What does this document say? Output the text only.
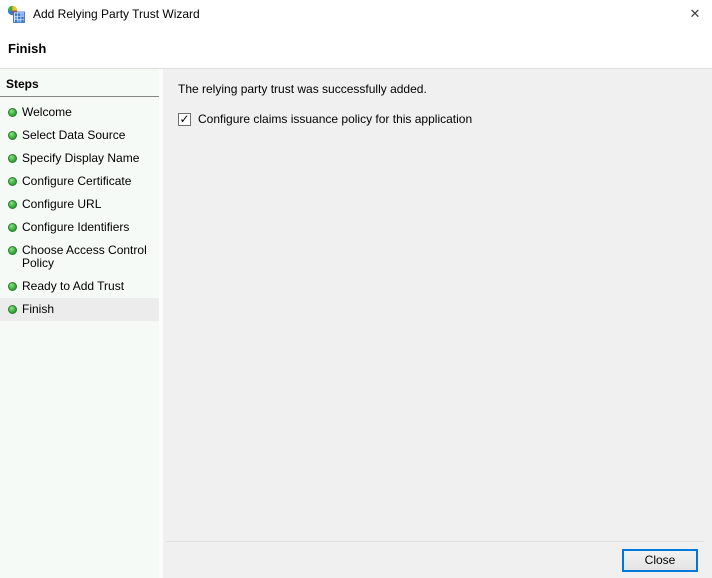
Add Relying Party Trust Wizard	✕
Finish
Steps
Welcome
Select Data Source
Specify Display Name
Configure Certificate
Configure URL
Configure Identifiers
Choose Access Control Policy
Ready to Add Trust
Finish
The relying party trust was successfully added.
✓ Configure claims issuance policy for this application
Close
